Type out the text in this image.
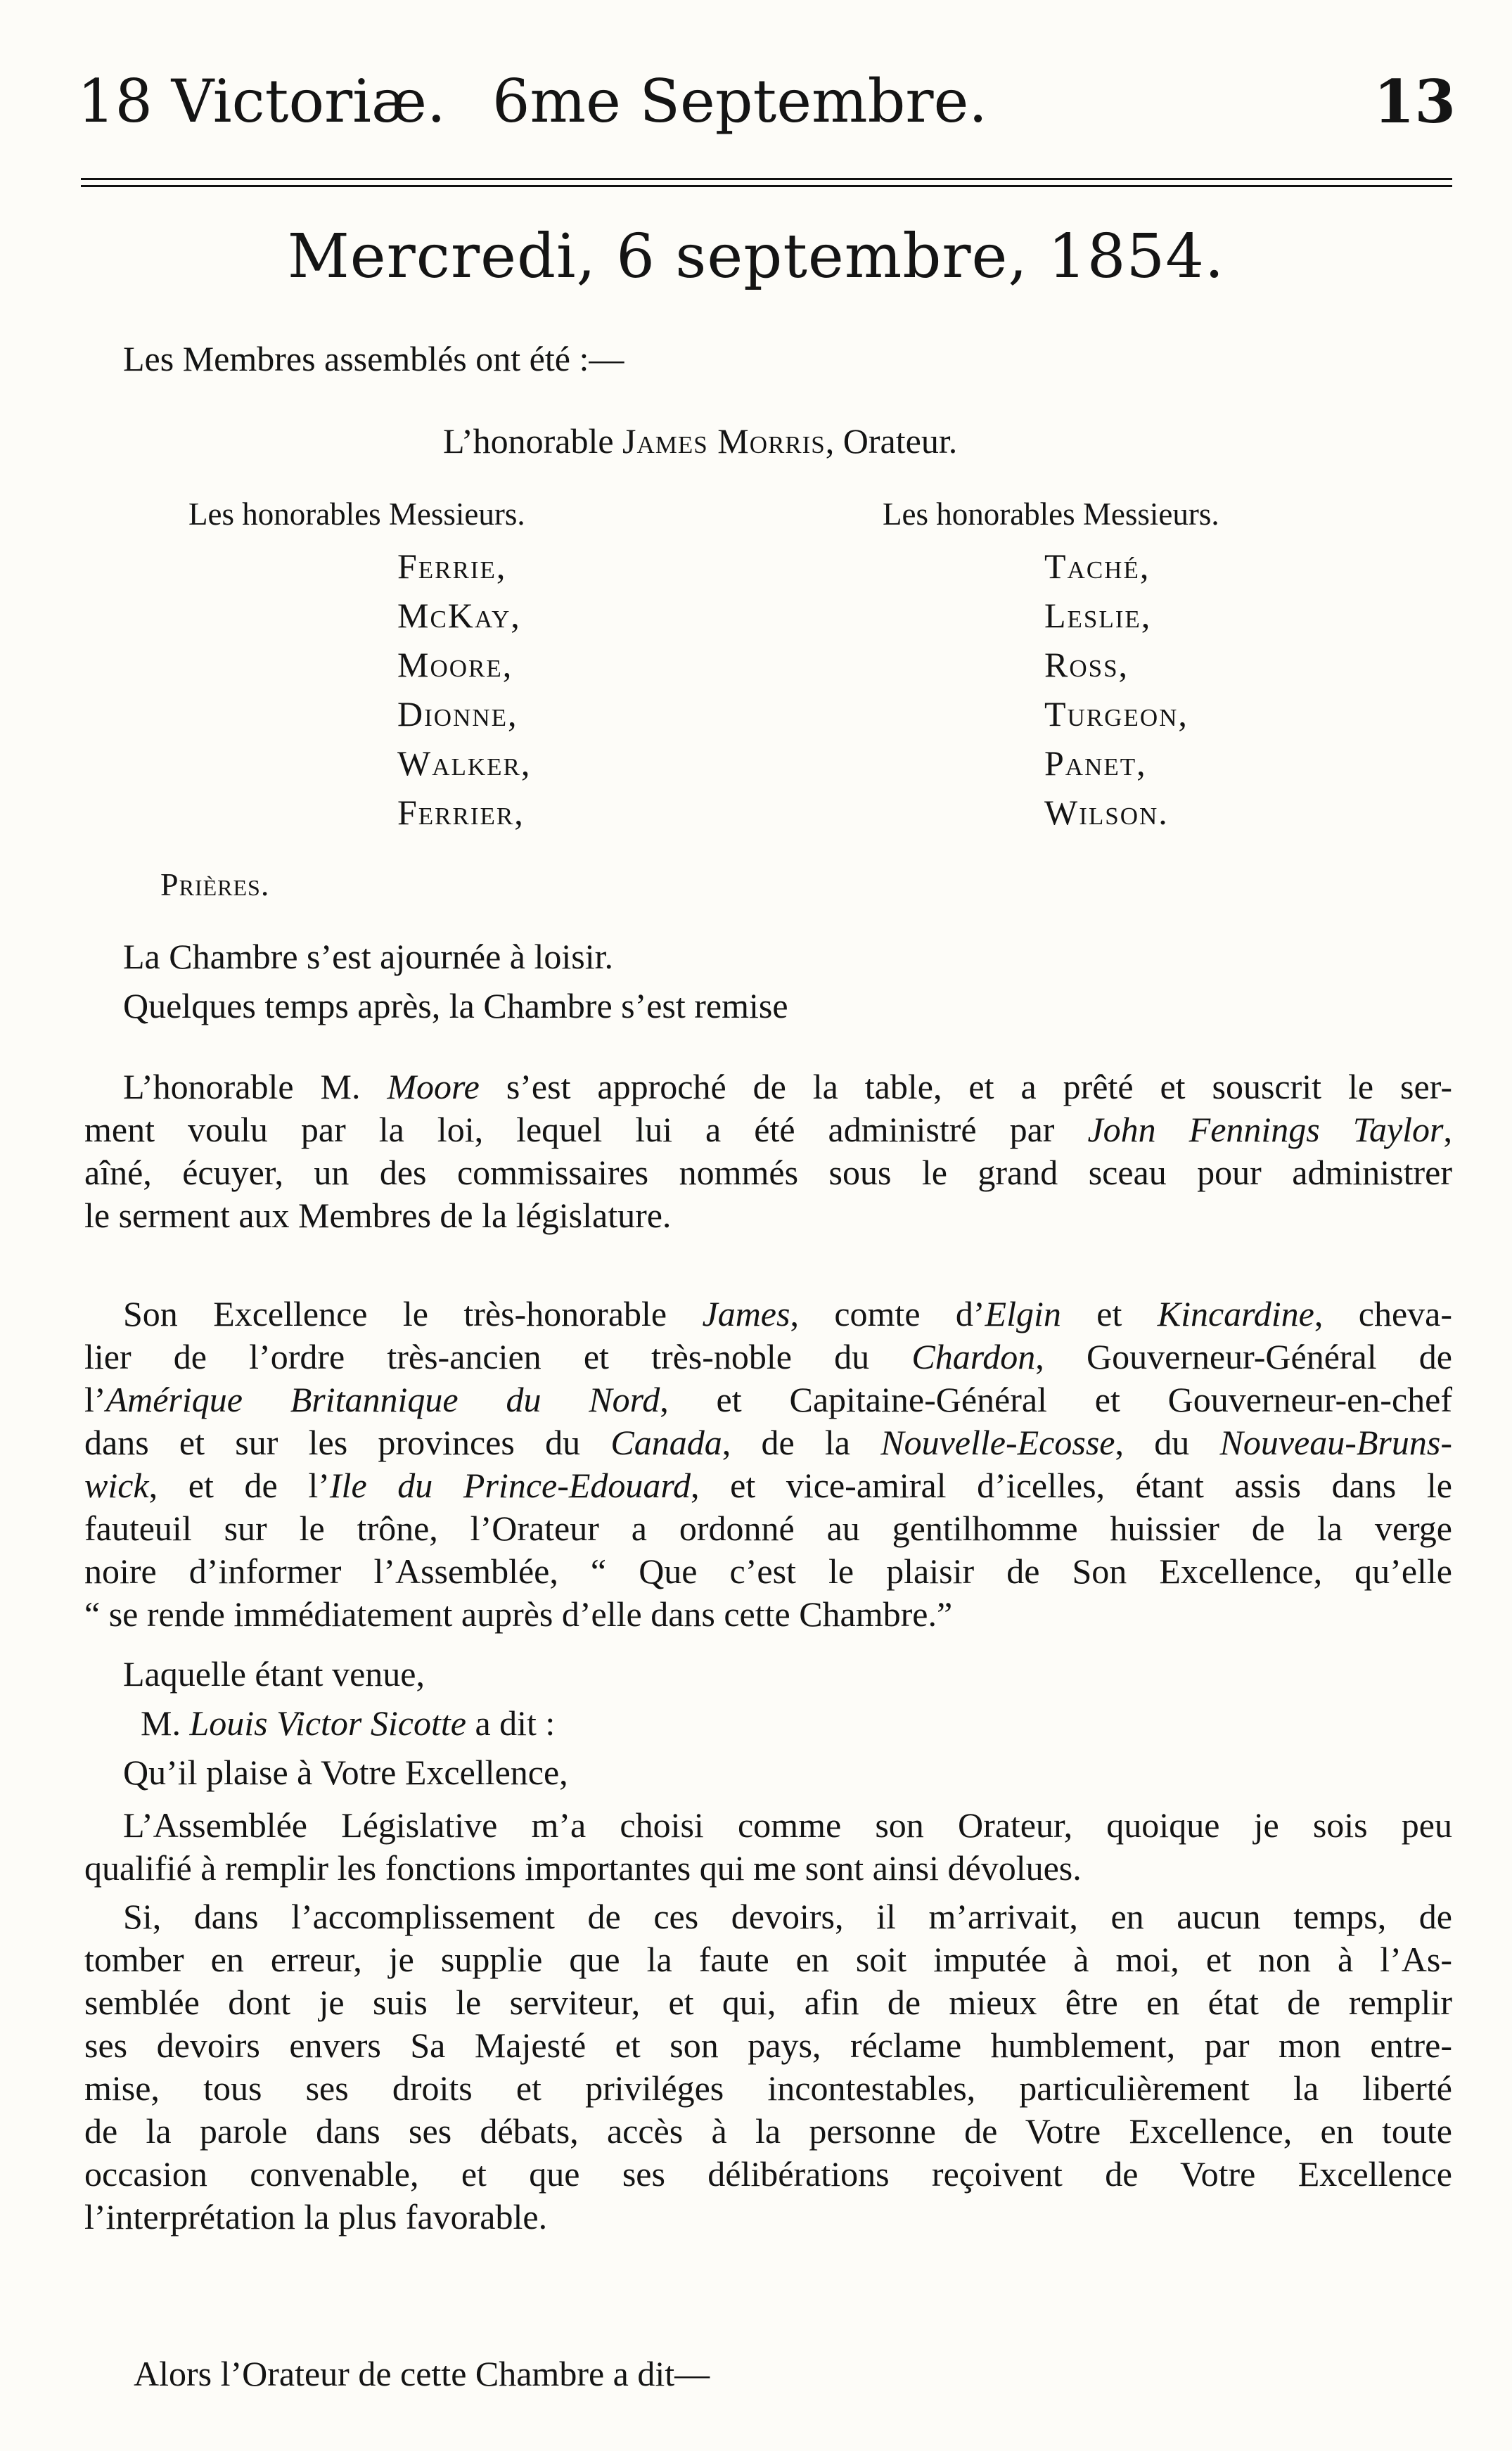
18 Victoriæ. 6me Septembre.	13
Mercredi, 6 septembre, 1854.
Les Membres assemblés ont été :—
L’honorable James Morris, Orateur.
Les honorables Messieurs.	Les honorables Messieurs.
Ferrie,
McKay,
Moore,
Dionne,
Walker,
Ferrier,
Taché,
Leslie,
Ross,
Turgeon,
Panet,
Wilson.
Prières.
La Chambre s’est ajournée à loisir.
Quelques temps après, la Chambre s’est remise
L’honorable M. Moore s’est approché de la table, et a prêté et souscrit le ser-
ment voulu par la loi, lequel lui a été administré par John Fennings Taylor,
aîné, écuyer, un des commissaires nommés sous le grand sceau pour administrer
le serment aux Membres de la législature.
Son Excellence le très-honorable James, comte d’Elgin et Kincardine, cheva-
lier de l’ordre très-ancien et très-noble du Chardon, Gouverneur-Général de
l’Amérique Britannique du Nord, et Capitaine-Général et Gouverneur-en-chef
dans et sur les provinces du Canada, de la Nouvelle-Ecosse, du Nouveau-Bruns-
wick, et de l’Ile du Prince-Edouard, et vice-amiral d’icelles, étant assis dans le
fauteuil sur le trône, l’Orateur a ordonné au gentilhomme huissier de la verge
noire d’informer l’Assemblée, “ Que c’est le plaisir de Son Excellence, qu’elle
“ se rende immédiatement auprès d’elle dans cette Chambre.”
Laquelle étant venue,
M. Louis Victor Sicotte a dit :
Qu’il plaise à Votre Excellence,
L’Assemblée Législative m’a choisi comme son Orateur, quoique je sois peu
qualifié à remplir les fonctions importantes qui me sont ainsi dévolues.
Si, dans l’accomplissement de ces devoirs, il m’arrivait, en aucun temps, de
tomber en erreur, je supplie que la faute en soit imputée à moi, et non à l’As-
semblée dont je suis le serviteur, et qui, afin de mieux être en état de remplir
ses devoirs envers Sa Majesté et son pays, réclame humblement, par mon entre-
mise, tous ses droits et priviléges incontestables, particulièrement la liberté
de la parole dans ses débats, accès à la personne de Votre Excellence, en toute
occasion convenable, et que ses délibérations reçoivent de Votre Excellence
l’interprétation la plus favorable.
Alors l’Orateur de cette Chambre a dit—
